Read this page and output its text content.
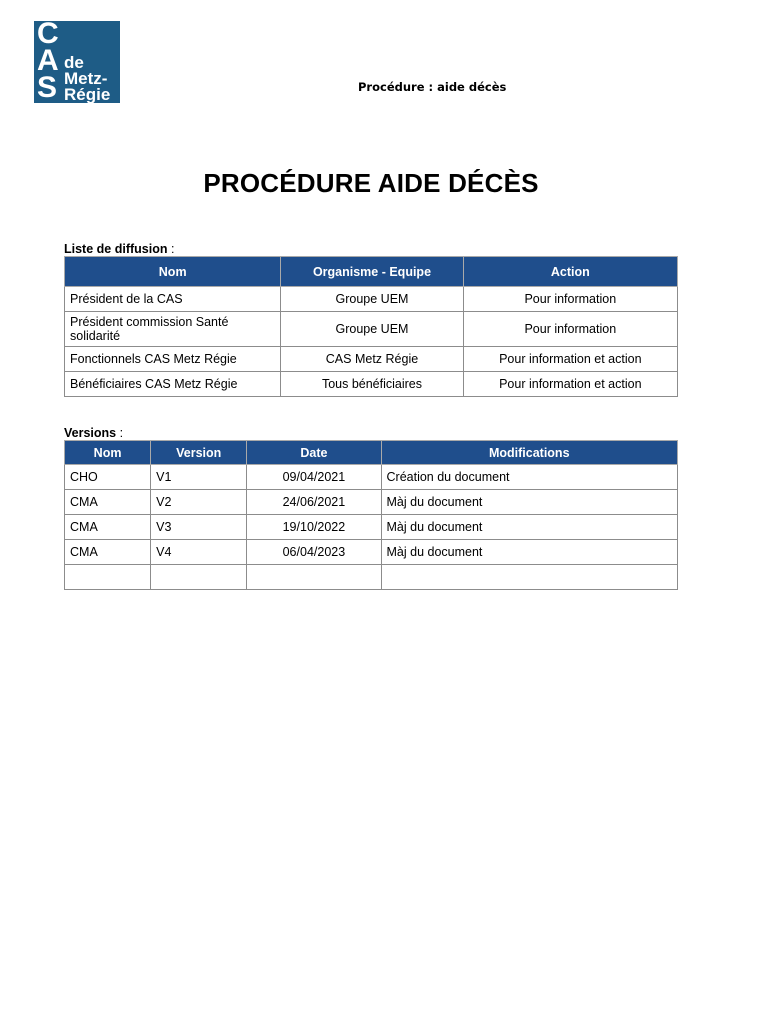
C
A
S
de
Metz-
Régie	Procédure : aide décès
PROCÉDURE AIDE DÉCÈS
Liste de diffusion :
Nom	Organisme - Equipe	Action
Président de la CAS	Groupe UEM	Pour information
Président commission Santé solidarité	Groupe UEM	Pour information
Fonctionnels CAS Metz Régie	CAS Metz Régie	Pour information et action
Bénéficiaires CAS Metz Régie	Tous bénéficiaires	Pour information et action
Versions :
Nom	Version	Date	Modifications
CHO	V1	09/04/2021	Création du document
CMA	V2	24/06/2021	Màj du document
CMA	V3	19/10/2022	Màj du document
CMA	V4	06/04/2023	Màj du document
